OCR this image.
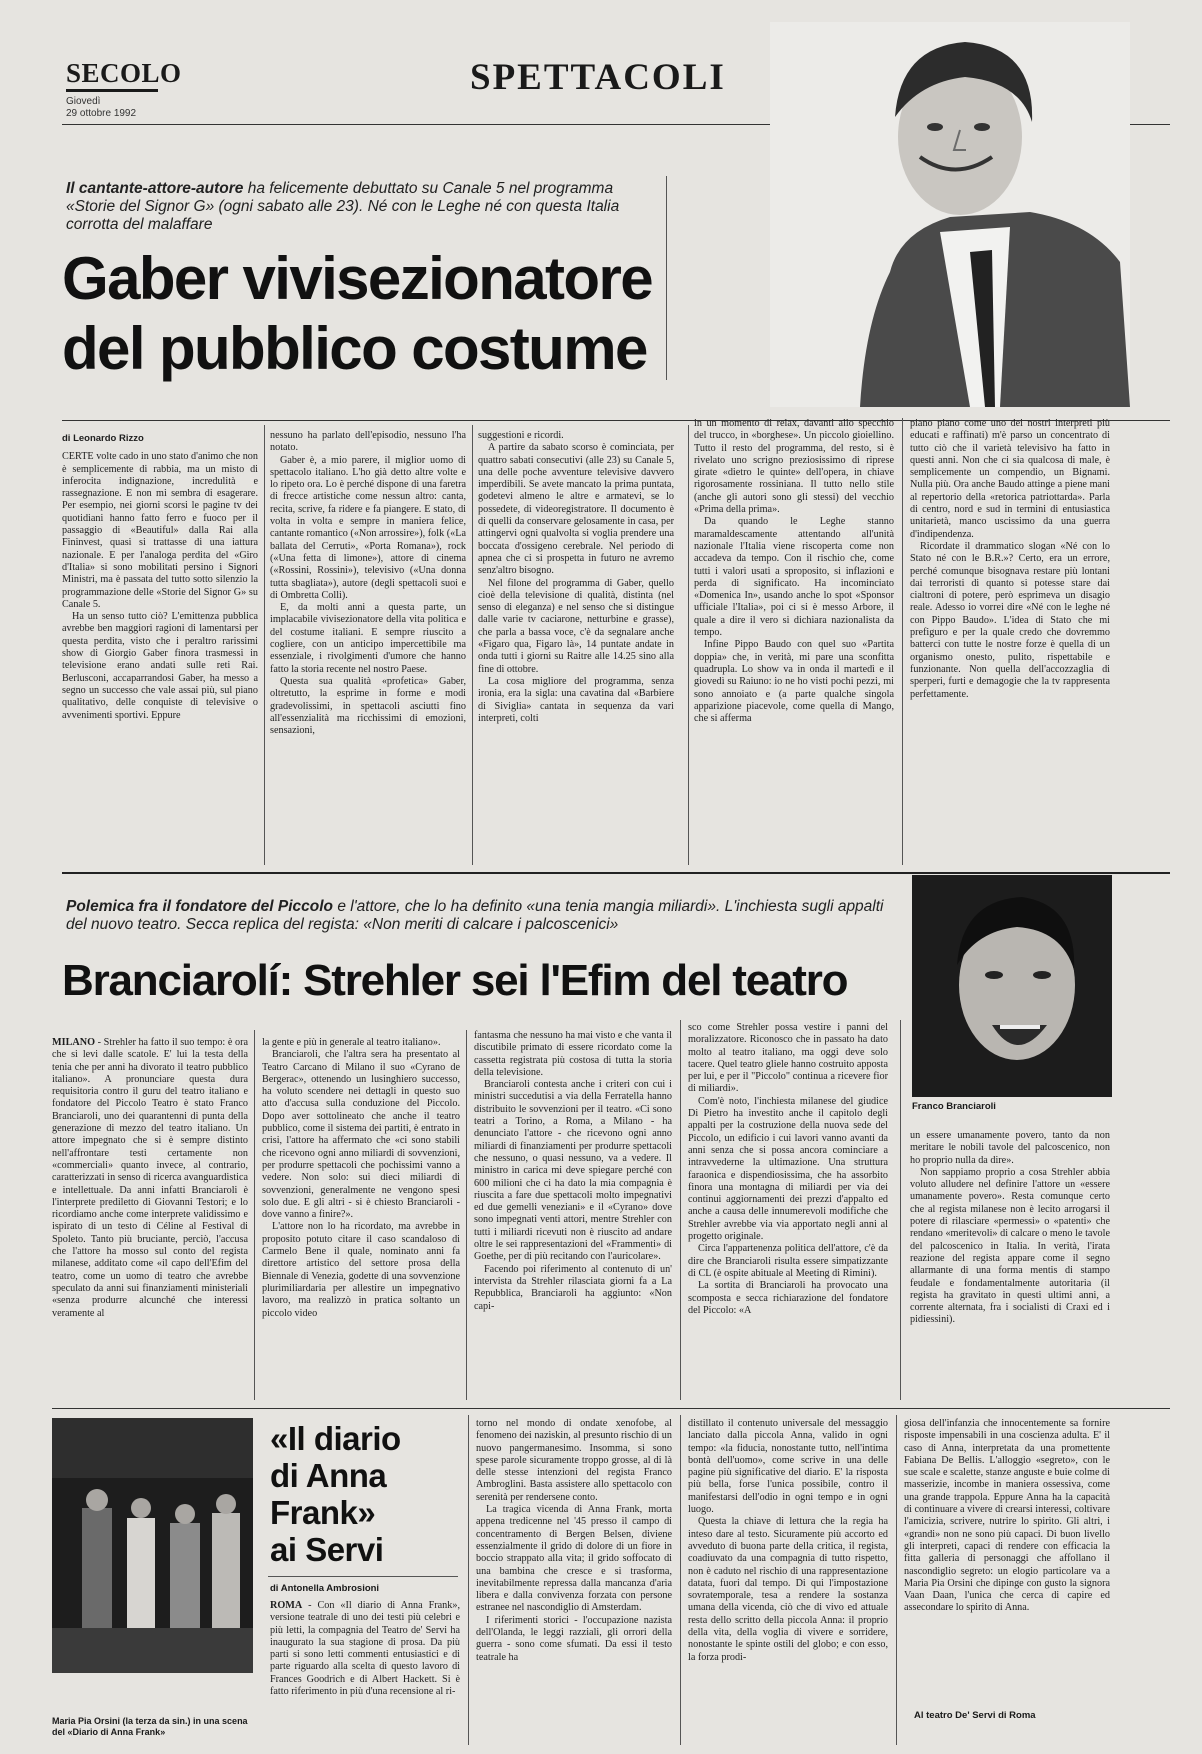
SECOLO
Giovedì
29 ottobre 1992
SPETTACOLI
Il cantante-attore-autore ha felicemente debuttato su Canale 5 nel programma «Storie del Signor G» (ogni sabato alle 23). Né con le Leghe né con questa Italia corrotta del malaffare
Gaber vivisezionatore del pubblico costume
di Leonardo Rizzo

CERTE volte cado in uno stato d'animo che non è semplicemente di rabbia, ma un misto di inferocita indignazione, incredulità e rassegnazione. E non mi sembra di esagerare. Per esempio, nei giorni scorsi le pagine tv dei quotidiani hanno fatto ferro e fuoco per il passaggio di «Beautiful» dalla Rai alla Fininvest, quasi si trattasse di una iattura nazionale. E per l'analoga perdita del «Giro d'Italia» si sono mobilitati persino i Signori Ministri, ma è passata del tutto sotto silenzio la programmazione delle «Storie del Signor G» su Canale 5.

Ha un senso tutto ciò? L'emittenza pubblica avrebbe ben maggiori ragioni di lamentarsi per questa perdita, visto che i peraltro rarissimi show di Giorgio Gaber finora trasmessi in televisione erano andati sulle reti Rai. Berlusconi, accaparrandosi Gaber, ha messo a segno un successo che vale assai più, sul piano qualitativo, delle conquiste di televisive o avvenimenti sportivi. Eppure

nessuno ha parlato dell'episodio, nessuno l'ha notato.

Gaber è, a mio parere, il miglior uomo di spettacolo italiano. L'ho già detto altre volte e lo ripeto ora. Lo è perché dispone di una faretra di frecce artistiche come nessun altro: canta, recita, scrive, fa ridere e fa piangere. E stato, di volta in volta e sempre in maniera felice, cantante romantico («Non arrossire»), folk («La ballata del Cerruti», «Porta Romana»), rock («Una fetta di limone»), attore di cinema («Rossini, Rossini»), televisivo («Una donna tutta sbagliata»), autore (degli spettacoli suoi e di Ombretta Colli).

E, da molti anni a questa parte, un implacabile vivisezionatore della vita politica e del costume italiani. E sempre riuscito a cogliere, con un anticipo impercettibile ma essenziale, i rivolgimenti d'umore che hanno fatto la storia recente nel nostro Paese.

Questa sua qualità «profetica» Gaber, oltretutto, la esprime in forme e modi gradevolissimi, in spettacoli asciutti fino all'essenzialità ma ricchissimi di emozioni, sensazioni,

suggestioni e ricordi.

A partire da sabato scorso è cominciata, per quattro sabati consecutivi (alle 23) su Canale 5, una delle poche avventure televisive davvero imperdibili. Se avete mancato la prima puntata, godetevi almeno le altre e armatevi, se lo possedete, di videoregistratore. Il documento è di quelli da conservare gelosamente in casa, per attingervi ogni qualvolta si voglia prendere una boccata d'ossigeno cerebrale. Nel periodo di apnea che ci si prospetta in futuro ne avremo senz'altro bisogno.

Nel filone del programma di Gaber, quello cioè della televisione di qualità, distinta (nel senso di eleganza) e nel senso che si distingue dalle varie tv caciarone, netturbine e grasse), che parla a bassa voce, c'è da segnalare anche «Figaro qua, Figaro là», 14 puntate andate in onda tutti i giorni su Raitre alle 14.25 sino alla fine di ottobre.

La cosa migliore del programma, senza ironia, era la sigla: una cavatina dal «Barbiere di Siviglia» cantata in sequenza da vari interpreti, colti

in un momento di relax, davanti allo specchio del trucco, in «borghese». Un piccolo gioiellino. Tutto il resto del programma, del resto, si è rivelato uno scrigno preziosissimo di riprese girate «dietro le quinte» dell'opera, in chiave rigorosamente rossiniana. Il tutto nello stile (anche gli autori sono gli stessi) del vecchio «Prima della prima».

Da quando le Leghe stanno maramaldescamente attentando all'unità nazionale l'Italia viene riscoperta come non accadeva da tempo. Con il rischio che, come tutti i valori usati a sproposito, si inflazioni e perda di significato. Ha incominciato «Domenica In», usando anche lo spot «Sponsor ufficiale l'Italia», poi ci si è messo Arbore, il quale a dire il vero si dichiara nazionalista da tempo.

Infine Pippo Baudo con quel suo «Partita doppia» che, in verità, mi pare una sconfitta quadrupla. Lo show va in onda il martedì e il giovedì su Raiuno: io ne ho visti pochi pezzi, mi sono annoiato e (a parte qualche singola apparizione piacevole, come quella di Mango, che si afferma

piano piano come uno dei nostri interpreti più educati e raffinati) m'è parso un concentrato di tutto ciò che il varietà televisivo ha fatto in questi anni. Non che ci sia qualcosa di male, è semplicemente un compendio, un Bignami. Nulla più. Ora anche Baudo attinge a piene mani al repertorio della «retorica patriottarda». Parla di centro, nord e sud in termini di entusiastica unitarietà, manco uscissimo da una guerra d'indipendenza.

Ricordate il drammatico slogan «Né con lo Stato né con le B.R.»? Certo, era un errore, perché comunque bisognava restare più lontani dai terroristi di quanto si potesse stare dai cialtroni di potere, però esprimeva un disagio reale. Adesso io vorrei dire «Né con le leghe né con Pippo Baudo». L'idea di Stato che mi prefiguro e per la quale credo che dovremmo batterci con tutte le nostre forze è quella di un organismo onesto, pulito, rispettabile e funzionante. Non quella dell'accozzaglia di sperperi, furti e demagogie che la tv rappresenta perfettamente.

Polemica fra il fondatore del Piccolo e l'attore, che lo ha definito «una tenia mangia miliardi». L'inchiesta sugli appalti del nuovo teatro. Secca replica del regista: «Non meriti di calcare i palcoscenici»
Branciarolí: Strehler sei l'Efim del teatro
Franco Branciaroli

MILANO - Strehler ha fatto il suo tempo: è ora che si levi dalle scatole. E' lui la testa della tenia che per anni ha divorato il teatro pubblico italiano». A pronunciare questa dura requisitoria contro il guru del teatro italiano e fondatore del Piccolo Teatro è stato Franco Branciaroli, uno dei quarantenni di punta della generazione di mezzo del teatro italiano. Un attore impegnato che si è sempre distinto nell'affrontare testi certamente non «commerciali» quanto invece, al contrario, caratterizzati in senso di ricerca avanguardistica e intellettuale. Da anni infatti Branciaroli è l'interprete prediletto di Giovanni Testori; e lo ricordiamo anche come interprete validissimo e ispirato di un testo di Céline al Festival di Spoleto. Tanto più bruciante, perciò, l'accusa che l'attore ha mosso sul conto del regista milanese, additato come «il capo dell'Efim del teatro, come un uomo di teatro che avrebbe speculato da anni sui finanziamenti ministeriali «senza produrre alcunché che interessi veramente al

la gente e più in generale al teatro italiano».

Branciaroli, che l'altra sera ha presentato al Teatro Carcano di Milano il suo «Cyrano de Bergerac», ottenendo un lusinghiero successo, ha voluto scendere nei dettagli in questo suo atto d'accusa sulla conduzione del Piccolo. Dopo aver sottolineato che anche il teatro pubblico, come il sistema dei partiti, è entrato in crisi, l'attore ha affermato che «ci sono stabili che ricevono ogni anno miliardi di sovvenzioni, per produrre spettacoli che pochissimi vanno a vedere. Non solo: sui dieci miliardi di sovvenzioni, generalmente ne vengono spesi solo due. E gli altri - si è chiesto Branciaroli - dove vanno a finire?».

L'attore non lo ha ricordato, ma avrebbe in proposito potuto citare il caso scandaloso di Carmelo Bene il quale, nominato anni fa direttore artistico del settore prosa della Biennale di Venezia, godette di una sovvenzione plurimiliardaria per allestire un impegnativo lavoro, ma realizzò in pratica soltanto un piccolo video

fantasma che nessuno ha mai visto e che vanta il discutibile primato di essere ricordato come la cassetta registrata più costosa di tutta la storia della televisione.

Branciaroli contesta anche i criteri con cui i ministri succedutisi a via della Ferratella hanno distribuito le sovvenzioni per il teatro. «Ci sono teatri a Torino, a Roma, a Milano - ha denunciato l'attore - che ricevono ogni anno miliardi di finanziamenti per produrre spettacoli che nessuno, o quasi nessuno, va a vedere. Il ministro in carica mi deve spiegare perché con 600 milioni che ci ha dato la mia compagnia è riuscita a fare due spettacoli molto impegnativi ed due gemelli veneziani» e il «Cyrano» dove sono impegnati venti attori, mentre Strehler con tutti i miliardi ricevuti non è riuscito ad andare oltre le sei rappresentazioni del «Frammenti» di Goethe, per di più recitando con l'auricolare».

Facendo poi riferimento al contenuto di un' intervista da Strehler rilasciata giorni fa a La Repubblica, Branciaroli ha aggiunto: «Non capi-

sco come Strehler possa vestire i panni del moralizzatore. Riconosco che in passato ha dato molto al teatro italiano, ma oggi deve solo tacere. Quel teatro gliele hanno costruito apposta per lui, e per il "Piccolo" continua a ricevere fior di miliardi».

Com'è noto, l'inchiesta milanese del giudice Di Pietro ha investito anche il capitolo degli appalti per la costruzione della nuova sede del Piccolo, un edificio i cui lavori vanno avanti da anni senza che si possa ancora cominciare a intravvederne la ultimazione. Una struttura faraonica e dispendiosissima, che ha assorbito finora una montagna di miliardi per via dei continui aggiornamenti dei prezzi d'appalto ed anche a causa delle innumerevoli modifiche che Strehler avrebbe via via apportato negli anni al progetto originale.

Circa l'appartenenza politica dell'attore, c'è da dire che Branciaroli risulta essere simpatizzante di CL (è ospite abituale al Meeting di Rimini).

La sortita di Branciaroli ha provocato una scomposta e secca richiarazione del fondatore del Piccolo: «A

un essere umanamente povero, tanto da non meritare le nobili tavole del palcoscenico, non ho proprio nulla da dire».

Non sappiamo proprio a cosa Strehler abbia voluto alludere nel definire l'attore un «essere umanamente povero». Resta comunque certo che al regista milanese non è lecito arrogarsi il potere di rilasciare «permessi» o «patenti» che rendano «meritevoli» di calcare o meno le tavole del palcoscenico in Italia. In verità, l'irata reazione del regista appare come il segno allarmante di una forma mentis di stampo feudale e fondamentalmente autoritaria (il regista ha gravitato in questi ultimi anni, a corrente alternata, fra i socialisti di Craxi ed i pidiessini).

Maria Pia Orsini (la terza da sin.) in una scena del «Diario di Anna Frank»
«Il diario
di Anna
Frank»
ai Servi
di Antonella Ambrosioni

ROMA - Con «Il diario di Anna Frank», versione teatrale di uno dei testi più celebri e più letti, la compagnia del Teatro de' Servi ha inaugurato la sua stagione di prosa. Da più parti si sono letti commenti entusiastici e di parte riguardo alla scelta di questo lavoro di Frances Goodrich e di Albert Hackett. Si è fatto riferimento in più d'una recensione al ri-

torno nel mondo di ondate xenofobe, al fenomeno dei naziskin, al presunto rischio di un nuovo pangermanesimo. Insomma, si sono spese parole sicuramente troppo grosse, al di là delle stesse intenzioni del regista Franco Ambroglini. Basta assistere allo spettacolo con serenità per rendersene conto.

La tragica vicenda di Anna Frank, morta appena tredicenne nel '45 presso il campo di concentramento di Bergen Belsen, diviene essenzialmente il grido di dolore di un fiore in boccio strappato alla vita; il grido soffocato di una bambina che cresce e si trasforma, inevitabilmente repressa dalla mancanza d'aria libera e dalla convivenza forzata con persone estranee nel nascondiglio di Amsterdam.

I riferimenti storici - l'occupazione nazista dell'Olanda, le leggi razziali, gli orrori della guerra - sono come sfumati. Da essi il testo teatrale ha

distillato il contenuto universale del messaggio lanciato dalla piccola Anna, valido in ogni tempo: «la fiducia, nonostante tutto, nell'intima bontà dell'uomo», come scrive in una delle pagine più significative del diario. E' la risposta più bella, forse l'unica possibile, contro il manifestarsi dell'odio in ogni tempo e in ogni luogo.

Questa la chiave di lettura che la regia ha inteso dare al testo. Sicuramente più accorto ed avveduto di buona parte della critica, il regista, coadiuvato da una compagnia di tutto rispetto, non è caduto nel rischio di una rappresentazione datata, fuori dal tempo. Di qui l'impostazione sovratemporale, tesa a rendere la sostanza umana della vicenda, ciò che di vivo ed attuale resta dello scritto della piccola Anna: il proprio della vita, della voglia di vivere e sorridere, nonostante le spinte ostili del globo; e con esso, la forza prodi-

giosa dell'infanzia che innocentemente sa fornire risposte impensabili in una coscienza adulta. E' il caso di Anna, interpretata da una promettente Fabiana De Bellis. L'alloggio «segreto», con le sue scale e scalette, stanze anguste e buie colme di masserizie, incombe in maniera ossessiva, come una grande trappola. Eppure Anna ha la capacità di continuare a vivere di crearsi interessi, coltivare l'amicizia, scrivere, nutrire lo spirito. Gli altri, i «grandi» non ne sono più capaci. Di buon livello gli interpreti, capaci di rendere con efficacia la fitta galleria di personaggi che affollano il nascondiglio segreto: un elogio particolare va a Maria Pia Orsini che dipinge con gusto la signora Vaan Daan, l'unica che cerca di capire ed assecondare lo spirito di Anna.

Al teatro De' Servi di Roma
